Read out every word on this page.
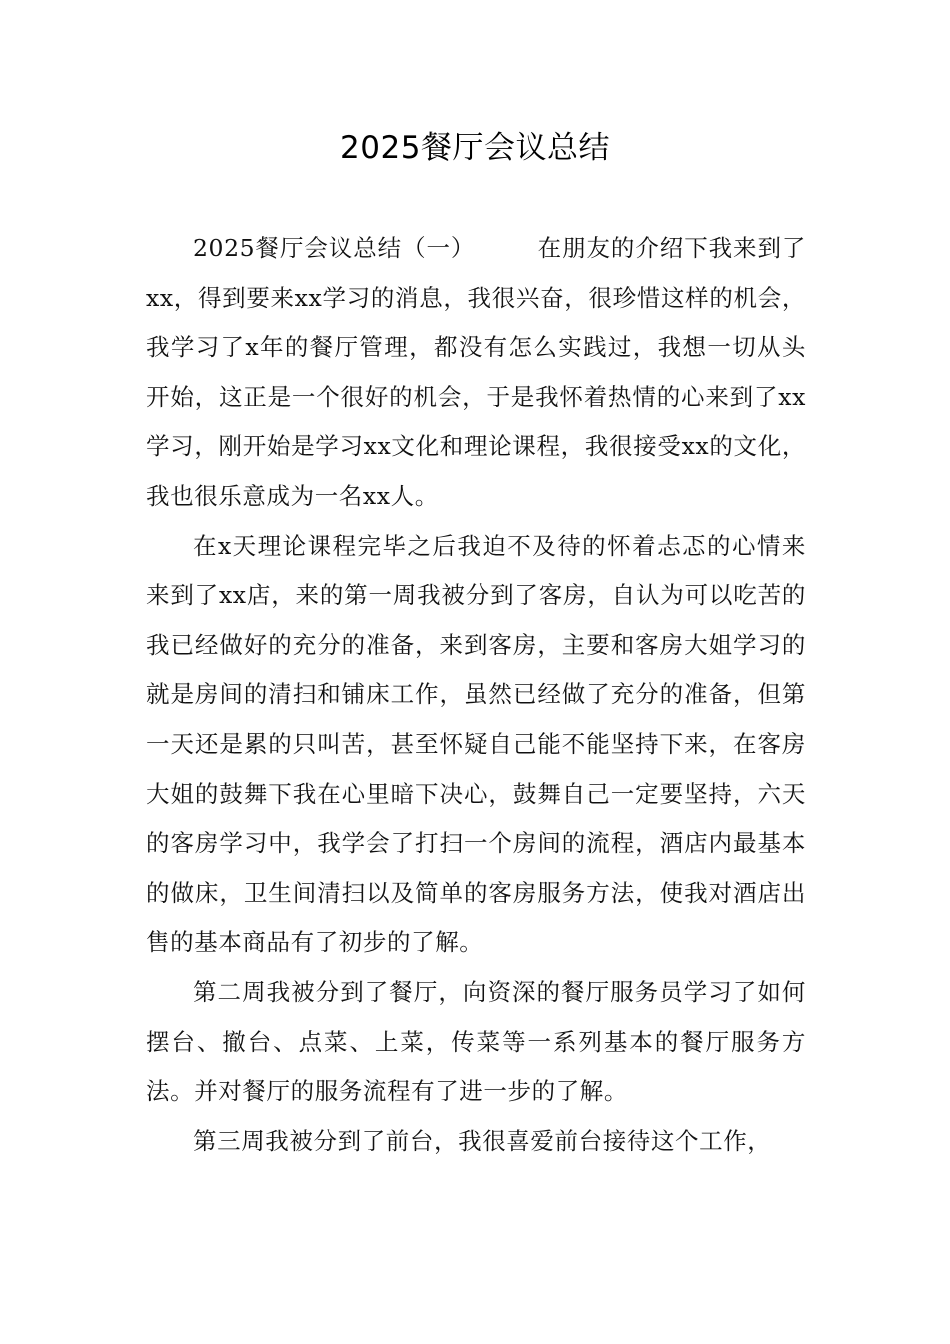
2025餐厅会议总结

2025餐厅会议总结（一）	在朋友的介绍下我来到了xx，得到要来xx学习的消息，我很兴奋，很珍惜这样的机会，我学习了x年的餐厅管理，都没有怎么实践过，我想一切从头开始，这正是一个很好的机会，于是我怀着热情的心来到了xx学习，刚开始是学习xx文化和理论课程，我很接受xx的文化，我也很乐意成为一名xx人。

在x天理论课程完毕之后我迫不及待的怀着忐忑的心情来来到了xx店，来的第一周我被分到了客房，自认为可以吃苦的我已经做好的充分的准备，来到客房，主要和客房大姐学习的就是房间的清扫和铺床工作，虽然已经做了充分的准备，但第一天还是累的只叫苦，甚至怀疑自己能不能坚持下来，在客房大姐的鼓舞下我在心里暗下决心，鼓舞自己一定要坚持，六天的客房学习中，我学会了打扫一个房间的流程，酒店内最基本的做床，卫生间清扫以及简单的客房服务方法，使我对酒店出售的基本商品有了初步的了解。

第二周我被分到了餐厅，向资深的餐厅服务员学习了如何摆台、撤台、点菜、上菜，传菜等一系列基本的餐厅服务方法。并对餐厅的服务流程有了进一步的了解。

第三周我被分到了前台，我很喜爱前台接待这个工作，
